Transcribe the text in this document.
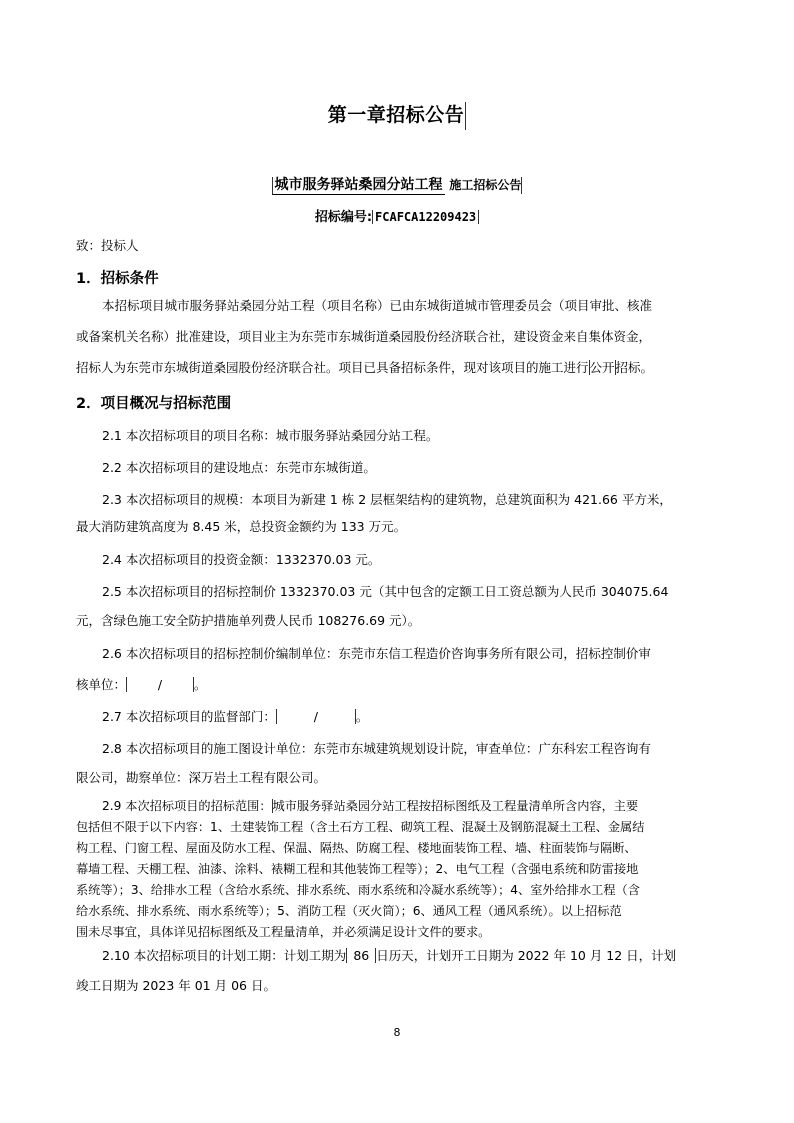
第一章招标公告
城市服务驿站桑园分站工程 施工招标公告
招标编号: FCAFCA12209423
致：投标人
1．招标条件
本招标项目城市服务驿站桑园分站工程（项目名称）已由东城街道城市管理委员会（项目审批、核准
或备案机关名称）批准建设，项目业主为东莞市东城街道桑园股份经济联合社，建设资金来自集体资金，
招标人为东莞市东城街道桑园股份经济联合社。项目已具备招标条件，现对该项目的施工进行公开招标。
2．项目概况与招标范围
2.1 本次招标项目的项目名称：城市服务驿站桑园分站工程。
2.2 本次招标项目的建设地点：东莞市东城街道。
2.3 本次招标项目的规模：本项目为新建 1 栋 2 层框架结构的建筑物，总建筑面积为 421.66 平方米，
最大消防建筑高度为 8.45 米，总投资金额约为 133 万元。
2.4 本次招标项目的投资金额：1332370.03 元。
2.5 本次招标项目的招标控制价 1332370.03 元（其中包含的定额工日工资总额为人民币 304075.64
元，含绿色施工安全防护措施单列费人民币 108276.69 元）。
2.6 本次招标项目的招标控制价编制单位：东莞市东信工程造价咨询事务所有限公司，招标控制价审
核单位：	/	。
2.7 本次招标项目的监督部门：	/	。
2.8 本次招标项目的施工图设计单位：东莞市东城建筑规划设计院，审查单位：广东科宏工程咨询有
限公司，勘察单位：深万岩土工程有限公司。
2.9 本次招标项目的招标范围：城市服务驿站桑园分站工程按招标图纸及工程量清单所含内容，主要
包括但不限于以下内容：1、土建装饰工程（含土石方工程、砌筑工程、混凝土及钢筋混凝土工程、金属结
构工程、门窗工程、屋面及防水工程、保温、隔热、防腐工程、楼地面装饰工程、墙、柱面装饰与隔断、
幕墙工程、天棚工程、油漆、涂料、裱糊工程和其他装饰工程等）；2、电气工程（含强电系统和防雷接地
系统等）；3、给排水工程（含给水系统、排水系统、雨水系统和冷凝水系统等）；4、室外给排水工程（含
给水系统、排水系统、雨水系统等）；5、消防工程（灭火筒）；6、通风工程（通风系统）。以上招标范
围未尽事宜，具体详见招标图纸及工程量清单，并必须满足设计文件的要求。
2.10 本次招标项目的计划工期：计划工期为 86 日历天，计划开工日期为 2022 年 10 月 12 日，计划
竣工日期为 2023 年 01 月 06 日。
8
